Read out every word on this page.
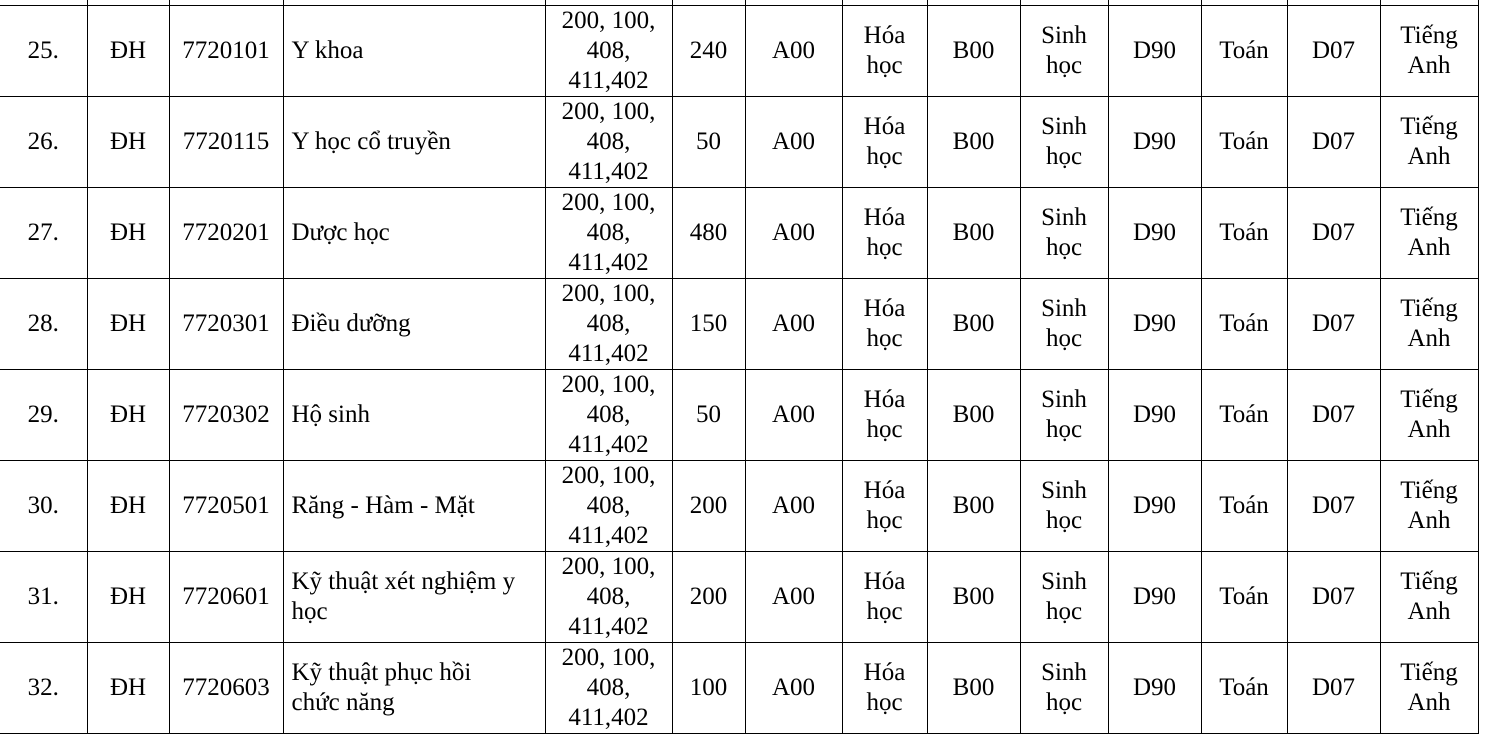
25.	ĐH	7720101	Y khoa	200, 100,
408,
411,402	240	A00	Hóa
học	B00	Sinh
học	D90	Toán	D07	Tiếng
Anh

26.	ĐH	7720115	Y học cổ truyền	200, 100,
408,
411,402	50	A00	Hóa
học	B00	Sinh
học	D90	Toán	D07	Tiếng
Anh

27.	ĐH	7720201	Dược học	200, 100,
408,
411,402	480	A00	Hóa
học	B00	Sinh
học	D90	Toán	D07	Tiếng
Anh

28.	ĐH	7720301	Điều dưỡng	200, 100,
408,
411,402	150	A00	Hóa
học	B00	Sinh
học	D90	Toán	D07	Tiếng
Anh

29.	ĐH	7720302	Hộ sinh	200, 100,
408,
411,402	50	A00	Hóa
học	B00	Sinh
học	D90	Toán	D07	Tiếng
Anh

30.	ĐH	7720501	Răng - Hàm - Mặt	200, 100,
408,
411,402	200	A00	Hóa
học	B00	Sinh
học	D90	Toán	D07	Tiếng
Anh

31.	ĐH	7720601	Kỹ thuật xét nghiệm y
học	200, 100,
408,
411,402	200	A00	Hóa
học	B00	Sinh
học	D90	Toán	D07	Tiếng
Anh

32.	ĐH	7720603	Kỹ thuật phục hồi
chức năng	200, 100,
408,
411,402	100	A00	Hóa
học	B00	Sinh
học	D90	Toán	D07	Tiếng
Anh
